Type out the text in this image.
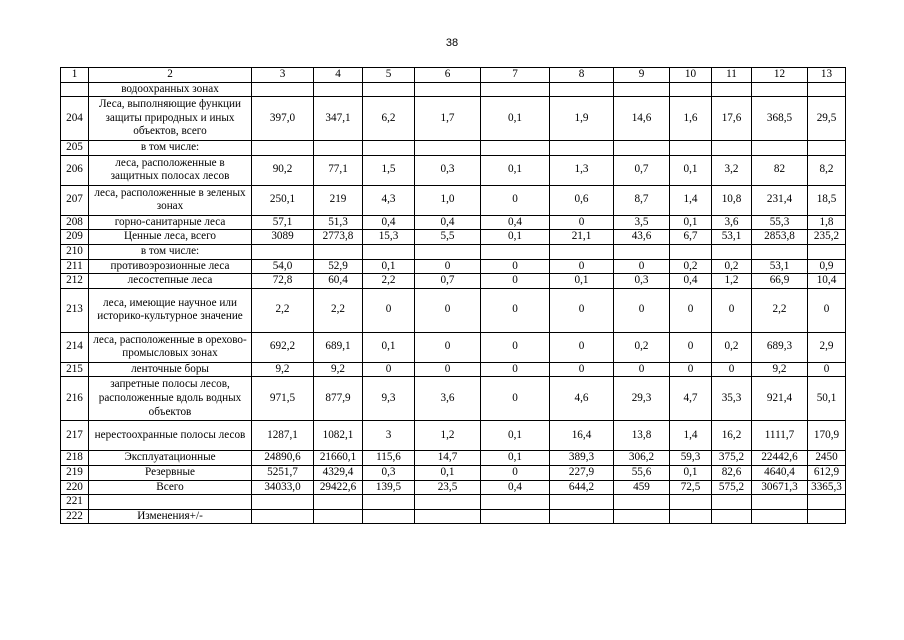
38
1	2	3	4	5	6	7	8	9	10	11	12	13
	водоохранных зонах											
204	Леса, выполняющие функции защиты природных и иных объектов, всего	397,0	347,1	6,2	1,7	0,1	1,9	14,6	1,6	17,6	368,5	29,5
205	в том числе:											
206	леса, расположенные в защитных полосах лесов	90,2	77,1	1,5	0,3	0,1	1,3	0,7	0,1	3,2	82	8,2
207	леса, расположенные в зеленых зонах	250,1	219	4,3	1,0	0	0,6	8,7	1,4	10,8	231,4	18,5
208	горно-санитарные леса	57,1	51,3	0,4	0,4	0,4	0	3,5	0,1	3,6	55,3	1,8
209	Ценные леса, всего	3089	2773,8	15,3	5,5	0,1	21,1	43,6	6,7	53,1	2853,8	235,2
210	в том числе:											
211	противоэрозионные леса	54,0	52,9	0,1	0	0	0	0	0,2	0,2	53,1	0,9
212	лесостепные леса	72,8	60,4	2,2	0,7	0	0,1	0,3	0,4	1,2	66,9	10,4
213	леса, имеющие научное или историко-культурное значение	2,2	2,2	0	0	0	0	0	0	0	2,2	0
214	леса, расположенные в орехово-промысловых зонах	692,2	689,1	0,1	0	0	0	0,2	0	0,2	689,3	2,9
215	ленточные боры	9,2	9,2	0	0	0	0	0	0	0	9,2	0
216	запретные полосы лесов, расположенные вдоль водных объектов	971,5	877,9	9,3	3,6	0	4,6	29,3	4,7	35,3	921,4	50,1
217	нерестоохранные полосы лесов	1287,1	1082,1	3	1,2	0,1	16,4	13,8	1,4	16,2	1111,7	170,9
218	Эксплуатационные	24890,6	21660,1	115,6	14,7	0,1	389,3	306,2	59,3	375,2	22442,6	2450
219	Резервные	5251,7	4329,4	0,3	0,1	0	227,9	55,6	0,1	82,6	4640,4	612,9
220	Всего	34033,0	29422,6	139,5	23,5	0,4	644,2	459	72,5	575,2	30671,3	3365,3
221												
222	Изменения+/-											
